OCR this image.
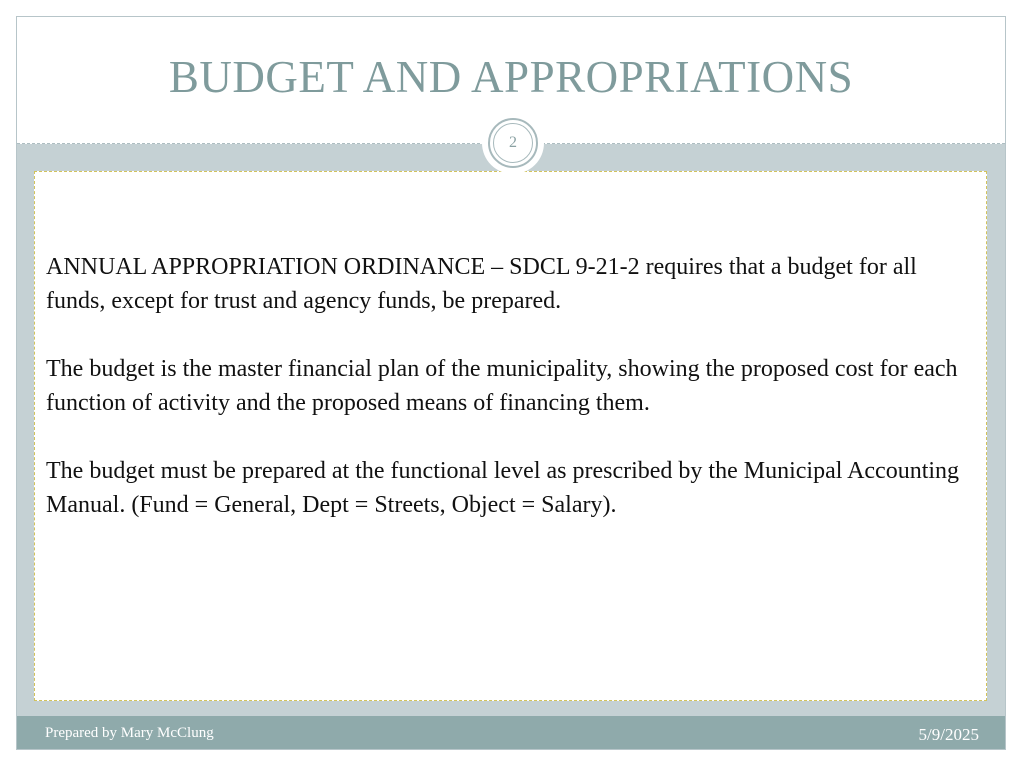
BUDGET AND APPROPRIATIONS

ANNUAL APPROPRIATION ORDINANCE – SDCL 9-21-2 requires that a budget for all funds, except for trust and agency funds, be prepared.

The budget is the master financial plan of the municipality, showing the proposed cost for each function of activity and the proposed means of financing them.

The budget must be prepared at the functional level as prescribed by the Municipal Accounting Manual. (Fund = General, Dept = Streets, Object = Salary).

2
Prepared by Mary McClung	5/9/2025
